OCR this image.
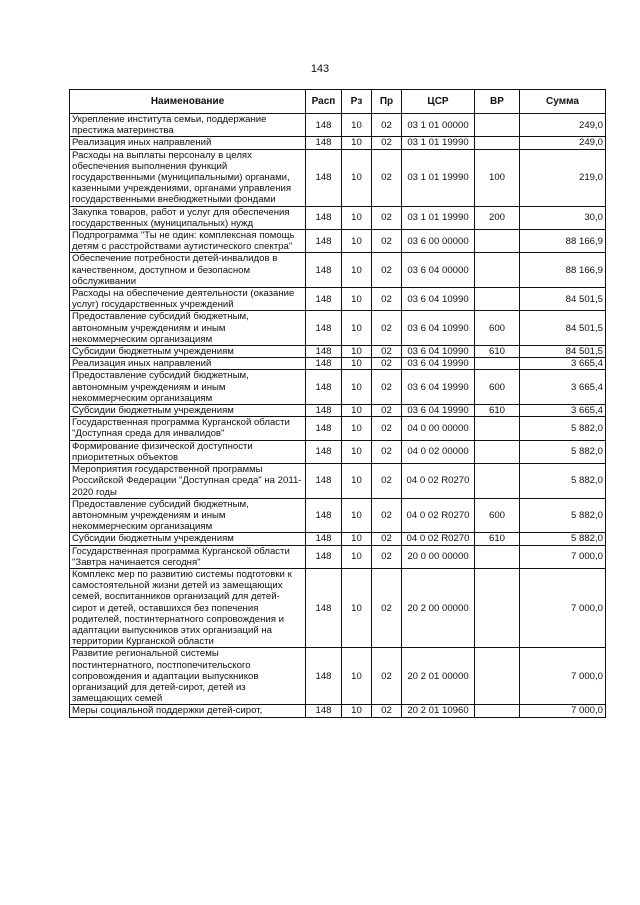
143
Наименование	Расп	Рз	Пр	ЦСР	ВР	Сумма
Укрепление института семьи, поддержание престижа материнства	148	10	02	03 1 01 00000		249,0
Реализация иных направлений	148	10	02	03 1 01 19990		249,0
Расходы на выплаты персоналу в целях обеспечения выполнения функций государственными (муниципальными) органами, казенными учреждениями, органами управления государственными внебюджетными фондами	148	10	02	03 1 01 19990	100	219,0
Закупка товаров, работ и услуг для обеспечения государственных (муниципальных) нужд	148	10	02	03 1 01 19990	200	30,0
Подпрограмма "Ты не один: комплексная помощь детям с расстройствами аутистического спектра"	148	10	02	03 6 00 00000		88 166,9
Обеспечение потребности детей-инвалидов в качественном, доступном и безопасном обслуживании	148	10	02	03 6 04 00000		88 166,9
Расходы на обеспечение деятельности (оказание услуг) государственных учреждений	148	10	02	03 6 04 10990		84 501,5
Предоставление субсидий бюджетным, автономным учреждениям и иным некоммерческим организациям	148	10	02	03 6 04 10990	600	84 501,5
Субсидии бюджетным учреждениям	148	10	02	03 6 04 10990	610	84 501,5
Реализация иных направлений	148	10	02	03 6 04 19990		3 665,4
Предоставление субсидий бюджетным, автономным учреждениям и иным некоммерческим организациям	148	10	02	03 6 04 19990	600	3 665,4
Субсидии бюджетным учреждениям	148	10	02	03 6 04 19990	610	3 665,4
Государственная программа Курганской области "Доступная среда для инвалидов"	148	10	02	04 0 00 00000		5 882,0
Формирование физической доступности приоритетных объектов	148	10	02	04 0 02 00000		5 882,0
Мероприятия государственной программы Российской Федерации "Доступная среда" на 2011-2020 годы	148	10	02	04 0 02 R0270		5 882,0
Предоставление субсидий бюджетным, автономным учреждениям и иным некоммерческим организациям	148	10	02	04 0 02 R0270	600	5 882,0
Субсидии бюджетным учреждениям	148	10	02	04 0 02 R0270	610	5 882,0
Государственная программа Курганской области "Завтра начинается сегодня"	148	10	02	20 0 00 00000		7 000,0
Комплекс мер по развитию системы подготовки к самостоятельной жизни детей из замещающих семей, воспитанников организаций для детей-сирот и детей, оставшихся без попечения родителей, постинтернатного сопровождения и адаптации выпускников этих организаций на территории Курганской области	148	10	02	20 2 00 00000		7 000,0
Развитие региональной системы постинтернатного, постпопечительского сопровождения и адаптации выпускников организаций для детей-сирот, детей из замещающих семей	148	10	02	20 2 01 00000		7 000,0
Меры социальной поддержки детей-сирот,	148	10	02	20 2 01 10960		7 000,0
